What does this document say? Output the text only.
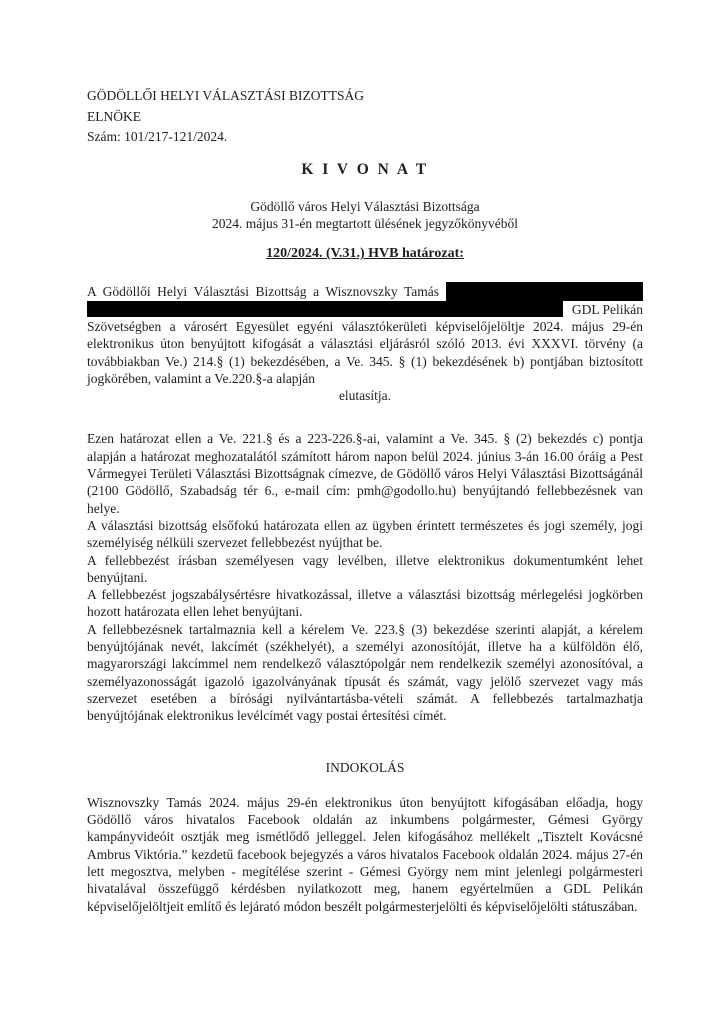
GÖDÖLLŐI HELYI VÁLASZTÁSI BIZOTTSÁG
ELNÖKE
Szám: 101/217-121/2024.
K I V O N A T
Gödöllő város Helyi Választási Bizottsága
2024. május 31-én megtartott ülésének jegyzőkönyvéből
120/2024. (V.31.) HVB határozat:
A Gödöllői Helyi Választási Bizottság a Wisznovszky Tamás
GDL Pelikán

Szövetségben a városért Egyesület egyéni választókerületi képviselőjelöltje 2024. május 29-én elektronikus úton benyújtott kifogását a választási eljárásról szóló 2013. évi XXXVI. törvény (a továbbiakban Ve.) 214.§ (1) bekezdésében, a Ve. 345. § (1) bekezdésének b) pontjában biztosított jogkörében, valamint a Ve.220.§-a alapján

elutasítja.

Ezen határozat ellen a Ve. 221.§ és a 223-226.§-ai, valamint a Ve. 345. § (2) bekezdés c) pontja alapján a határozat meghozatalától számított három napon belül 2024. június 3-án 16.00 óráig a Pest Vármegyei Területi Választási Bizottságnak címezve, de Gödöllő város Helyi Választási Bizottságánál (2100 Gödöllő, Szabadság tér 6., e-mail cím: pmh@godollo.hu) benyújtandó fellebbezésnek van helye.

A választási bizottság elsőfokú határozata ellen az ügyben érintett természetes és jogi személy, jogi személyiség nélküli szervezet fellebbezést nyújthat be.

A fellebbezést írásban személyesen vagy levélben, illetve elektronikus dokumentumként lehet benyújtani.

A fellebbezést jogszabálysértésre hivatkozással, illetve a választási bizottság mérlegelési jogkörben hozott határozata ellen lehet benyújtani.

A fellebbezésnek tartalmaznia kell a kérelem Ve. 223.§ (3) bekezdése szerinti alapját, a kérelem benyújtójának nevét, lakcímét (székhelyét), a személyi azonosítóját, illetve ha a külföldön élő, magyarországi lakcímmel nem rendelkező választópolgár nem rendelkezik személyi azonosítóval, a személyazonosságát igazoló igazolványának típusát és számát, vagy jelölő szervezet vagy más szervezet esetében a bírósági nyilvántartásba-vételi számát. A fellebbezés tartalmazhatja benyújtójának elektronikus levélcímét vagy postai értesítési címét.

INDOKOLÁS

Wisznovszky Tamás 2024. május 29-én elektronikus úton benyújtott kifogásában előadja, hogy Gödöllő város hivatalos Facebook oldalán az inkumbens polgármester, Gémesi György kampányvideóit osztják meg ismétlődő jelleggel. Jelen kifogásához mellékelt „Tisztelt Kovácsné Ambrus Viktória.” kezdetű facebook bejegyzés a város hivatalos Facebook oldalán 2024. május 27-én lett megosztva, melyben - megítélése szerint - Gémesi György nem mint jelenlegi polgármesteri hivatalával összefüggő kérdésben nyilatkozott meg, hanem egyértelműen a GDL Pelikán képviselőjelöltjeit említő és lejárató módon beszélt polgármesterjelölti és képviselőjelölti státuszában.
